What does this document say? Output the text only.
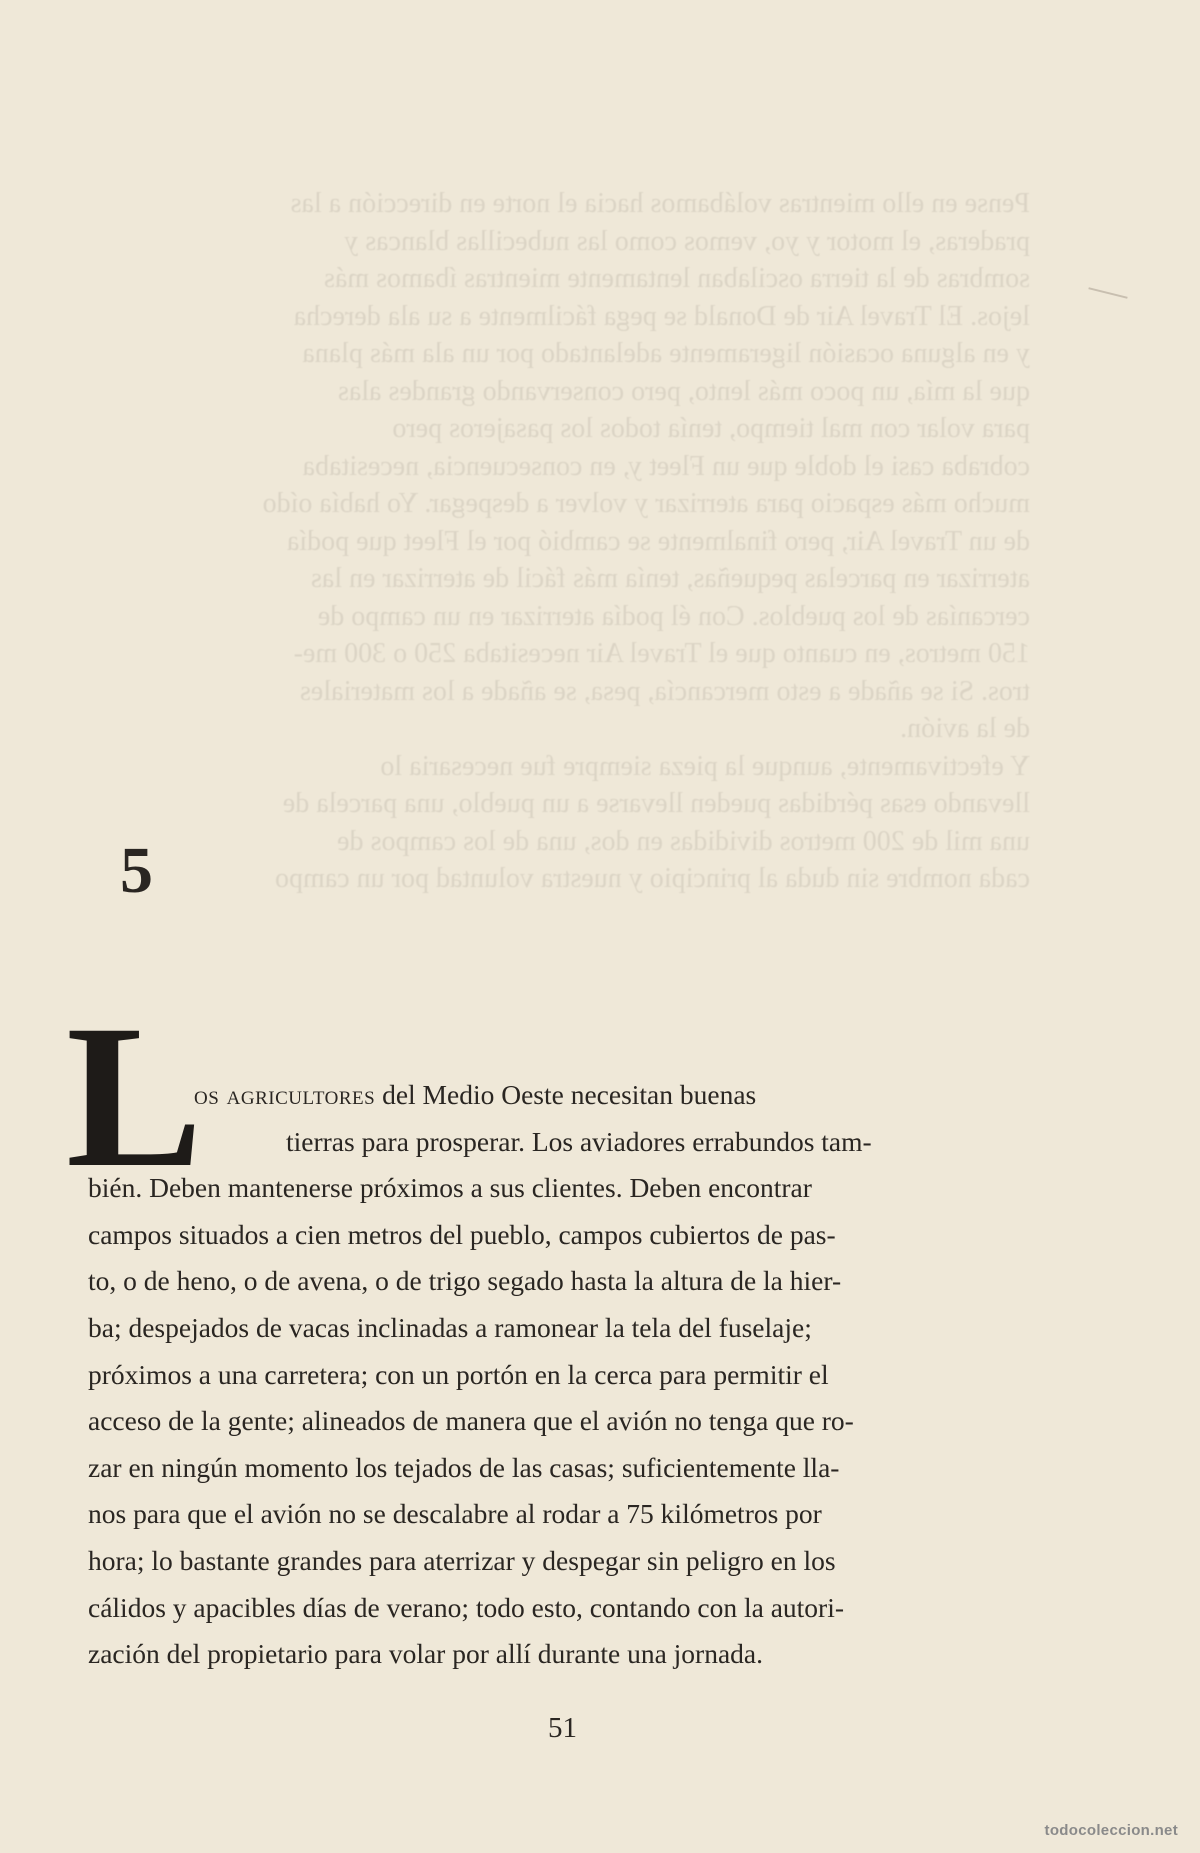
Pense en ello mientras volábamos hacia el norte en dirección a las
praderas, el motor y yo, vemos como las nubecillas blancas y
sombras de la tierra oscilaban lentamente mientras íbamos más
lejos. El Travel Air de Donald se pega fácilmente a su ala derecha
y en alguna ocasión ligeramente adelantado por un ala más plana
que la mía, un poco más lento, pero conservando grandes alas
para volar con mal tiempo, tenía todos los pasajeros pero
cobraba casi el doble que un Fleet y, en consecuencia, necesitaba
mucho más espacio para aterrizar y volver a despegar. Yo había oído
de un Travel Air, pero finalmente se cambió por el Fleet que podía
aterrizar en parcelas pequeñas, tenía más fácil de aterrizar en las
cercanías de los pueblos. Con él podía aterrizar en un campo de
150 metros, en cuanto que el Travel Air necesitaba 250 o 300 me-
tros. Si se añade a esto mercancía, pesa, se añade a los materiales
de la avión.
Y efectivamente, aunque la pieza siempre fue necesaria lo
llevando esas pérdidas pueden llevarse a un pueblo, una parcela de
una mil de 200 metros divididas en dos, una de los campos de
cada nombre sin duda al principio y nuestra voluntad por un campo
5
L
os agricultores del Medio Oeste necesitan buenas
tierras para prosperar. Los aviadores errabundos tam-
bién. Deben mantenerse próximos a sus clientes. Deben encontrar
campos situados a cien metros del pueblo, campos cubiertos de pas-
to, o de heno, o de avena, o de trigo segado hasta la altura de la hier-
ba; despejados de vacas inclinadas a ramonear la tela del fuselaje;
próximos a una carretera; con un portón en la cerca para permitir el
acceso de la gente; alineados de manera que el avión no tenga que ro-
zar en ningún momento los tejados de las casas; suficientemente lla-
nos para que el avión no se descalabre al rodar a 75 kilómetros por
hora; lo bastante grandes para aterrizar y despegar sin peligro en los
cálidos y apacibles días de verano; todo esto, contando con la autori-
zación del propietario para volar por allí durante una jornada.
51
todocoleccion.net
